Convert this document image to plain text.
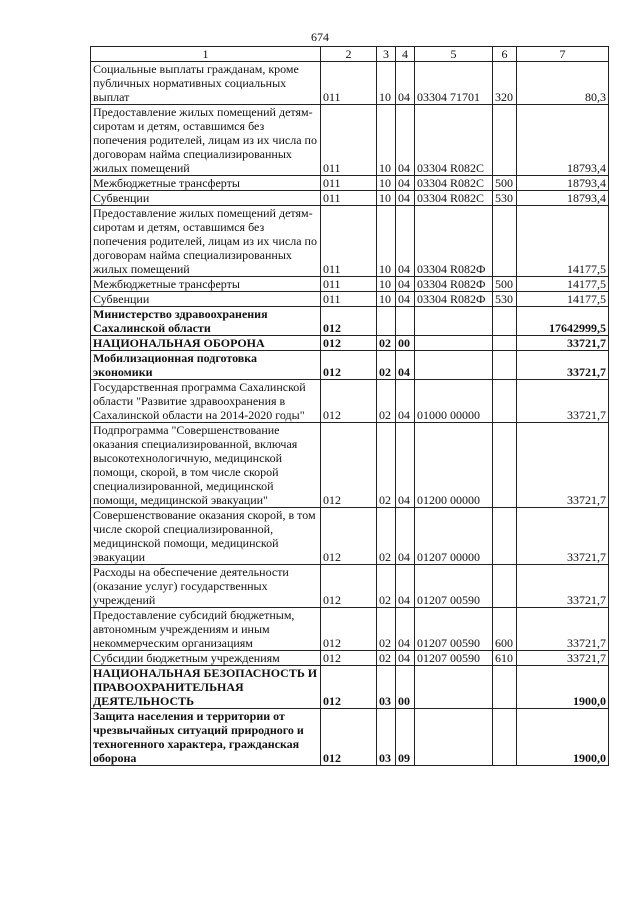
674
1	2	3	4	5	6	7
Социальные выплаты гражданам, кроме публичных нормативных социальных выплат	011	10	04	03304 71701	320	80,3
Предоставление жилых помещений детям-сиротам и детям, оставшимся без попечения родителей, лицам из их числа по договорам найма специализированных жилых помещений	011	10	04	03304 R082C		18793,4
Межбюджетные трансферты	011	10	04	03304 R082C	500	18793,4
Субвенции	011	10	04	03304 R082C	530	18793,4
Предоставление жилых помещений детям-сиротам и детям, оставшимся без попечения родителей, лицам из их числа по договорам найма специализированных жилых помещений	011	10	04	03304 R082Ф		14177,5
Межбюджетные трансферты	011	10	04	03304 R082Ф	500	14177,5
Субвенции	011	10	04	03304 R082Ф	530	14177,5
Министерство здравоохранения Сахалинской области	012					17642999,5
НАЦИОНАЛЬНАЯ ОБОРОНА	012	02	00			33721,7
Мобилизационная подготовка экономики	012	02	04			33721,7
Государственная программа Сахалинской области "Развитие здравоохранения в Сахалинской области на 2014-2020 годы"	012	02	04	01000 00000		33721,7
Подпрограмма "Совершенствование оказания специализированной, включая высокотехнологичную, медицинской помощи, скорой, в том числе скорой специализированной, медицинской помощи, медицинской эвакуации"	012	02	04	01200 00000		33721,7
Совершенствование оказания скорой, в том числе скорой специализированной, медицинской помощи, медицинской эвакуации	012	02	04	01207 00000		33721,7
Расходы на обеспечение деятельности (оказание услуг) государственных учреждений	012	02	04	01207 00590		33721,7
Предоставление субсидий бюджетным, автономным учреждениям и иным некоммерческим организациям	012	02	04	01207 00590	600	33721,7
Субсидии бюджетным учреждениям	012	02	04	01207 00590	610	33721,7
НАЦИОНАЛЬНАЯ БЕЗОПАСНОСТЬ И ПРАВООХРАНИТЕЛЬНАЯ ДЕЯТЕЛЬНОСТЬ	012	03	00			1900,0
Защита населения и территории от чрезвычайных ситуаций природного и техногенного характера, гражданская оборона	012	03	09			1900,0
